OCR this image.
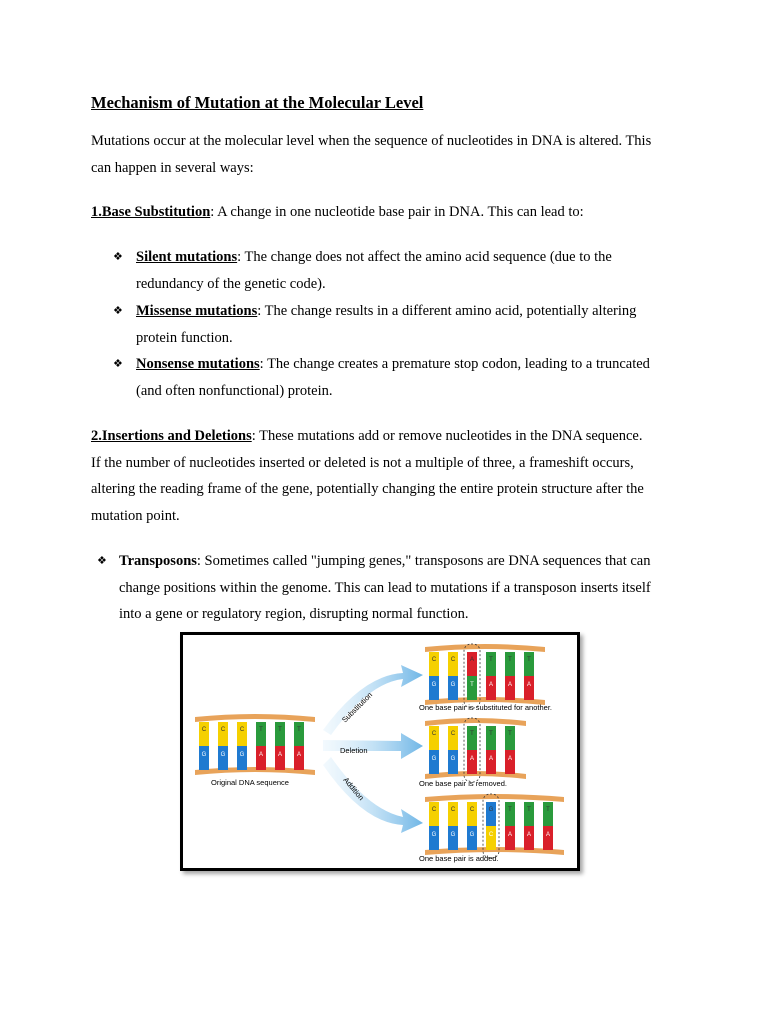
Mechanism of Mutation at the Molecular Level

Mutations occur at the molecular level when the sequence of nucleotides in DNA is altered. This
can happen in several ways:

1.Base Substitution: A change in one nucleotide base pair in DNA. This can lead to:

❖ Silent mutations: The change does not affect the amino acid sequence (due to the
redundancy of the genetic code).
❖ Missense mutations: The change results in a different amino acid, potentially altering
protein function.
❖ Nonsense mutations: The change creates a premature stop codon, leading to a truncated
(and often nonfunctional) protein.

2.Insertions and Deletions: These mutations add or remove nucleotides in the DNA sequence.
If the number of nucleotides inserted or deleted is not a multiple of three, a frameshift occurs,
altering the reading frame of the gene, potentially changing the entire protein structure after the
mutation point.

❖ Transposons: Sometimes called "jumping genes," transposons are DNA sequences that can
change positions within the genome. This can lead to mutations if a transposon inserts itself
into a gene or regulatory region, disrupting normal function.
Substitution
Deletion
Addition
C
G
C
G
C
G
T
A
T
A
T
A
C
G
C
G
A
T
T
A
T
A
T
A
C
G
C
G
T
A
T
A
T
A
C
G
C
G
C
G
G
C
T
A
T
A
T
A
Original DNA sequence
One base pair is substituted for another.
One base pair is removed.
One base pair is added.
